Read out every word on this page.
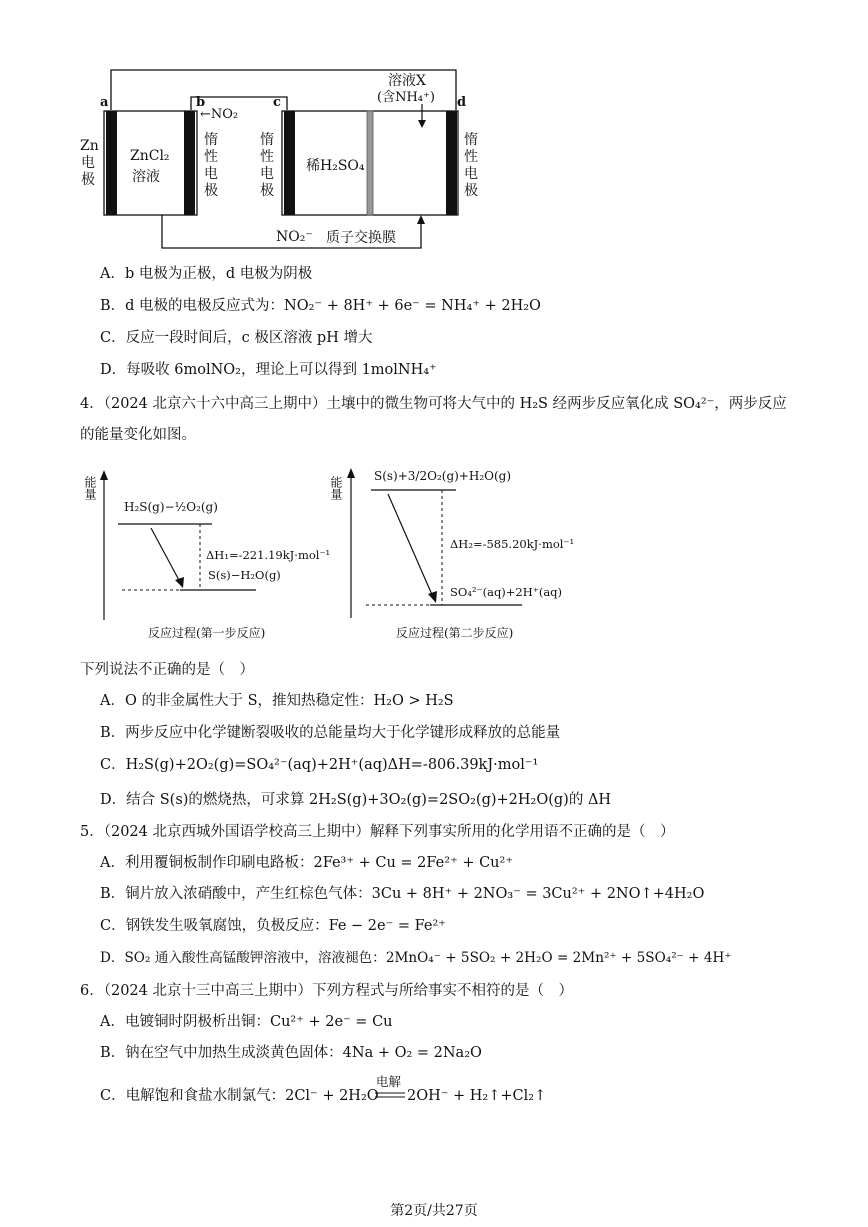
a	b	c	d
←NO₂
溶液X
(含NH₄⁺)
Zn
电
极
ZnCl₂
溶液
惰
性
电
极
惰
性
电
极
惰
性
电
极
稀H₂SO₄
NO₂⁻ 质子交换膜
A．b 电极为正极，d 电极为阴极
B．d 电极的电极反应式为：NO₂⁻ + 8H⁺ + 6e⁻ = NH₄⁺ + 2H₂O
C．反应一段时间后，c 极区溶液 pH 增大
D．每吸收 6molNO₂，理论上可以得到 1molNH₄⁺
4．（2024 北京六十六中高三上期中）土壤中的微生物可将大气中的 H₂S 经两步反应氧化成 SO₄²⁻，两步反应
的能量变化如图。
能量
H₂S(g)−½O₂(g)
ΔH₁=-221.19kJ·mol⁻¹
S(s)−H₂O(g)
反应过程(第一步反应)
能量	S(s)+3/2O₂(g)+H₂O(g)
ΔH₂=-585.20kJ·mol⁻¹
SO₄²⁻(aq)+2H⁺(aq)
反应过程(第二步反应)
下列说法不正确的是（　）
A．O 的非金属性大于 S，推知热稳定性：H₂O > H₂S
B．两步反应中化学键断裂吸收的总能量均大于化学键形成释放的总能量
C．H₂S(g)+2O₂(g)=SO₄²⁻(aq)+2H⁺(aq)ΔH=-806.39kJ·mol⁻¹
D．结合 S(s)的燃烧热，可求算 2H₂S(g)+3O₂(g)=2SO₂(g)+2H₂O(g)的 ΔH
5．（2024 北京西城外国语学校高三上期中）解释下列事实所用的化学用语不正确的是（　）
A．利用覆铜板制作印刷电路板：2Fe³⁺ + Cu = 2Fe²⁺ + Cu²⁺
B．铜片放入浓硝酸中，产生红棕色气体：3Cu + 8H⁺ + 2NO₃⁻ = 3Cu²⁺ + 2NO↑+4H₂O
C．钢铁发生吸氧腐蚀，负极反应：Fe − 2e⁻ = Fe²⁺
D．SO₂ 通入酸性高锰酸钾溶液中，溶液褪色：2MnO₄⁻ + 5SO₂ + 2H₂O = 2Mn²⁺ + 5SO₄²⁻ + 4H⁺
6．（2024 北京十三中高三上期中）下列方程式与所给事实不相符的是（　）
A．电镀铜时阴极析出铜：Cu²⁺ + 2e⁻ = Cu
B．钠在空气中加热生成淡黄色固体：4Na + O₂ = 2Na₂O
C．电解饱和食盐水制氯气：2Cl⁻ + 2H₂O
电解
2OH⁻ + H₂↑+Cl₂↑
第2页/共27页
